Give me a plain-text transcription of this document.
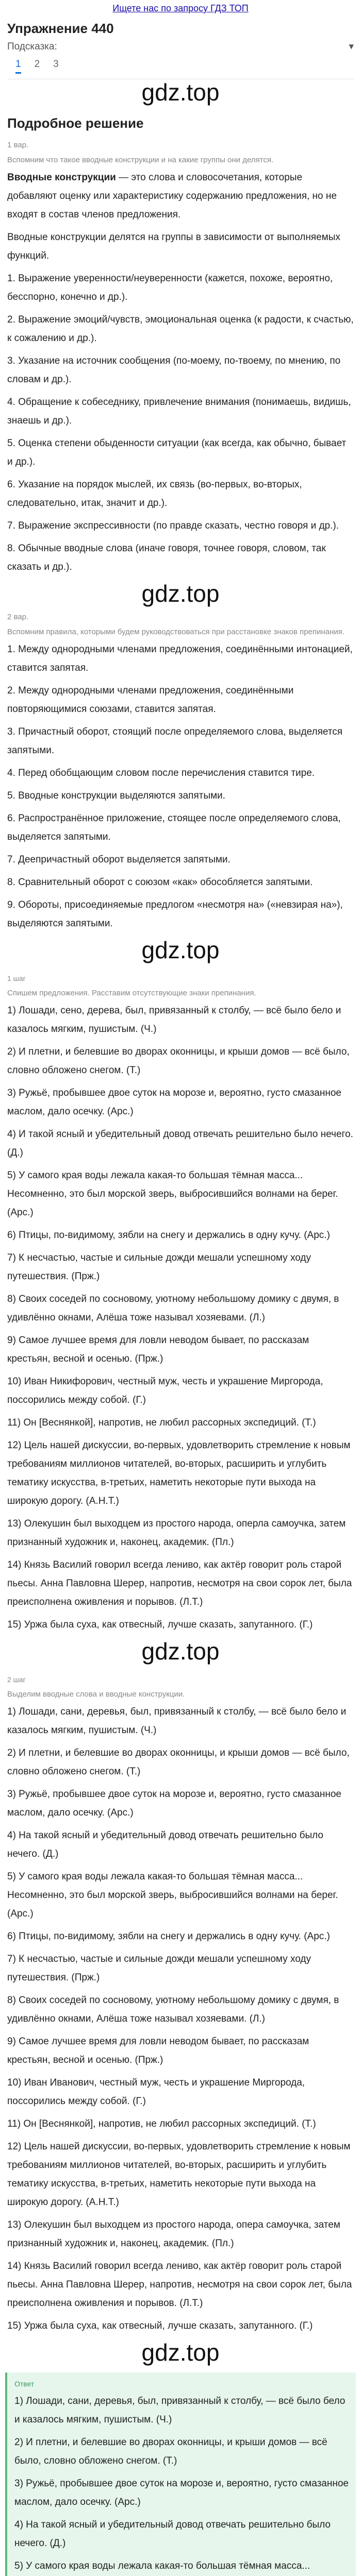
Ищете нас по запросу ГДЗ ТОП
Упражнение 440
Подсказка:	▾
1 2 3
gdz.top
Подробное решение
1 вар.
Вспомним что такое вводные конструкции и на какие группы они делятся.
Вводные конструкции — это слова и словосочетания, которые добавляют оценку или характеристику содержанию предложения, но не входят в состав членов предложения.
Вводные конструкции делятся на группы в зависимости от выполняемых функций.
1. Выражение уверенности/неуверенности (кажется, похоже, вероятно, бесспорно, конечно и др.).
2. Выражение эмоций/чувств, эмоциональная оценка (к радости, к счастью, к сожалению и др.).
3. Указание на источник сообщения (по-моему, по-твоему, по мнению, по словам и др.).
4. Обращение к собеседнику, привлечение внимания (понимаешь, видишь, знаешь и др.).
5. Оценка степени обыденности ситуации (как всегда, как обычно, бывает и др.).
6. Указание на порядок мыслей, их связь (во-первых, во-вторых, следовательно, итак, значит и др.).
7. Выражение экспрессивности (по правде сказать, честно говоря и др.).
8. Обычные вводные слова (иначе говоря, точнее говоря, словом, так сказать и др.).
gdz.top
2 вар.
Вспомним правила, которыми будем руководствоваться при расстановке знаков препинания.
1. Между однородными членами предложения, соединёнными интонацией, ставится запятая.
2. Между однородными членами предложения, соединёнными повторяющимися союзами, ставится запятая.
3. Причастный оборот, стоящий после определяемого слова, выделяется запятыми.
4. Перед обобщающим словом после перечисления ставится тире.
5. Вводные конструкции выделяются запятыми.
6. Распространённое приложение, стоящее после определяемого слова, выделяется запятыми.
7. Деепричастный оборот выделяется запятыми.
8. Сравнительный оборот с союзом «как» обособляется запятыми.
9. Обороты, присоединяемые предлогом «несмотря на» («невзирая на»), выделяются запятыми.
gdz.top
1 шаг
Спишем предложения. Расставим отсутствующие знаки препинания.
1) Лошади, сено, дерева, был, привязанный к столбу, — всё было бело и казалось мягким, пушистым. (Ч.)
2) И плетни, и белевшие во дворах оконницы, и крыши домов — всё было, словно обложено снегом. (Т.)
3) Ружьё, пробывшее двое суток на морозе и, вероятно, густо смазанное маслом, дало осечку. (Арс.)
4) И такой ясный и убедительный довод отвечать решительно было нечего. (Д.)
5) У самого края воды лежала какая-то большая тёмная масса... Несомненно, это был морской зверь, выбросившийся волнами на берег. (Арс.)
6) Птицы, по-видимому, зябли на снегу и держались в одну кучу. (Арс.)
7) К несчастью, частые и сильные дожди мешали успешному ходу путешествия. (Прж.)
8) Своих соседей по сосновому, уютному небольшому домику с двумя, в удивлённо окнами, Алёша тоже называл хозяевами. (Л.)
9) Самое лучшее время для ловли неводом бывает, по рассказам крестьян, весной и осенью. (Прж.)
10) Иван Никифорович, честный муж, честь и украшение Миргорода, поссорились между собой. (Г.)
11) Он [Веснянкой], напротив, не любил рассорных экспедиций. (Т.)
12) Цель нашей дискуссии, во-первых, удовлетворить стремление к новым требованиям миллионов читателей, во-вторых, расширить и углубить тематику искусства, в-третьих, наметить некоторые пути выхода на широкую дорогу. (А.Н.Т.)
13) Олекушин был выходцем из простого народа, оперла самоучка, затем признанный художник и, наконец, академик. (Пл.)
14) Князь Василий говорил всегда лениво, как актёр говорит роль старой пьесы. Анна Павловна Шерер, напротив, несмотря на свои сорок лет, была преисполнена оживления и порывов. (Л.Т.)
15) Уржа была суха, как отвесный, лучше сказать, запутанного. (Г.)
gdz.top
2 шаг
Выделим вводные слова и вводные конструкции.
1) Лошади, сани, деревья, был, привязанный к столбу, — всё было бело и казалось мягким, пушистым. (Ч.)
2) И плетни, и белевшие во дворах оконницы, и крыши домов — всё было, словно обложено снегом. (Т.)
3) Ружьё, пробывшее двое суток на морозе и, вероятно, густо смазанное маслом, дало осечку. (Арс.)
4) На такой ясный и убедительный довод отвечать решительно было нечего. (Д.)
5) У самого края воды лежала какая-то большая тёмная масса... Несомненно, это был морской зверь, выбросившийся волнами на берег. (Арс.)
6) Птицы, по-видимому, зябли на снегу и держались в одну кучу. (Арс.)
7) К несчастью, частые и сильные дожди мешали успешному ходу путешествия. (Прж.)
8) Своих соседей по сосновому, уютному небольшому домику с двумя, в удивлённо окнами, Алёша тоже называл хозяевами. (Л.)
9) Самое лучшее время для ловли неводом бывает, по рассказам крестьян, весной и осенью. (Прж.)
10) Иван Иванович, честный муж, честь и украшение Миргорода, поссорились между собой. (Г.)
11) Он [Веснянкой], напротив, не любил рассорных экспедиций. (Т.)
12) Цель нашей дискуссии, во-первых, удовлетворить стремление к новым требованиям миллионов читателей, во-вторых, расширить и углубить тематику искусства, в-третьих, наметить некоторые пути выхода на широкую дорогу. (А.Н.Т.)
13) Олекушин был выходцем из простого народа, опера самоучка, затем признанный художник и, наконец, академик. (Пл.)
14) Князь Василий говорил всегда лениво, как актёр говорит роль старой пьесы. Анна Павловна Шерер, напротив, несмотря на свои сорок лет, была преисполнена оживления и порывов. (Л.Т.)
15) Уржа была суха, как отвесный, лучше сказать, запутанного. (Г.)
gdz.top
Ответ
1) Лошади, сани, деревья, был, привязанный к столбу, — всё было бело и казалось мягким, пушистым. (Ч.)
2) И плетни, и белевшие во дворах оконницы, и крыши домов — всё было, словно обложено снегом. (Т.)
3) Ружьё, пробывшее двое суток на морозе и, вероятно, густо смазанное маслом, дало осечку. (Арс.)
4) На такой ясный и убедительный довод отвечать решительно было нечего. (Д.)
5) У самого края воды лежала какая-то большая тёмная масса...
